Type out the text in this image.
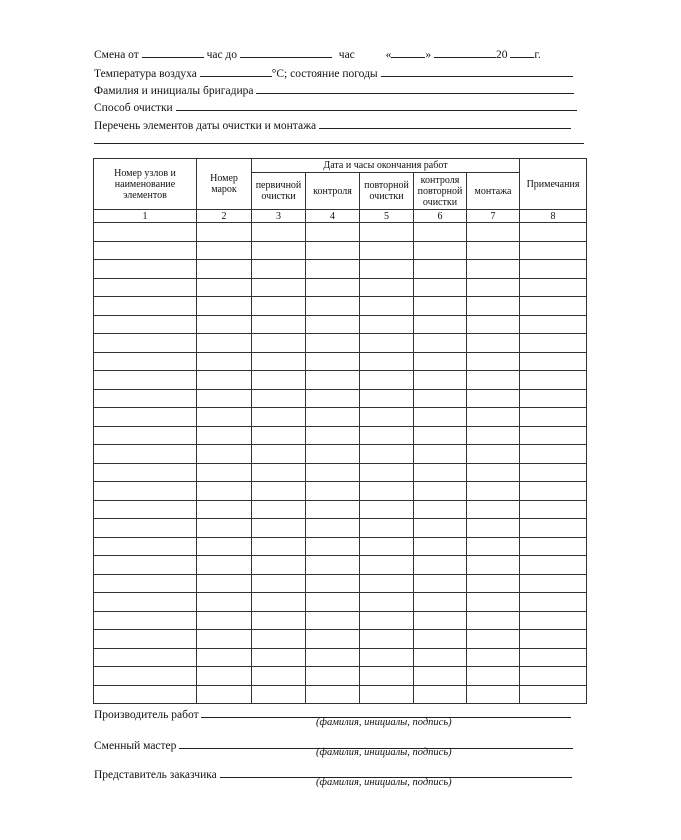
Смена от	час до	час	«	»	20 г.
Температура воздуха	°С; состояние погоды
Фамилия и инициалы бригадира
Способ очистки
Перечень элементов даты очистки и монтажа
Номер узлов и наименование элементов	Номер марок	Дата и часы окончания работ					Примечания
		первичной очистки	контроля	повторной очистки	контроля повторной очистки	монтажа	
1	2	3	4	5	6	7	8

Производитель работ
(фамилия, инициалы, подпись)
Сменный мастер
(фамилия, инициалы, подпись)
Представитель заказчика
(фамилия, инициалы, подпись)
